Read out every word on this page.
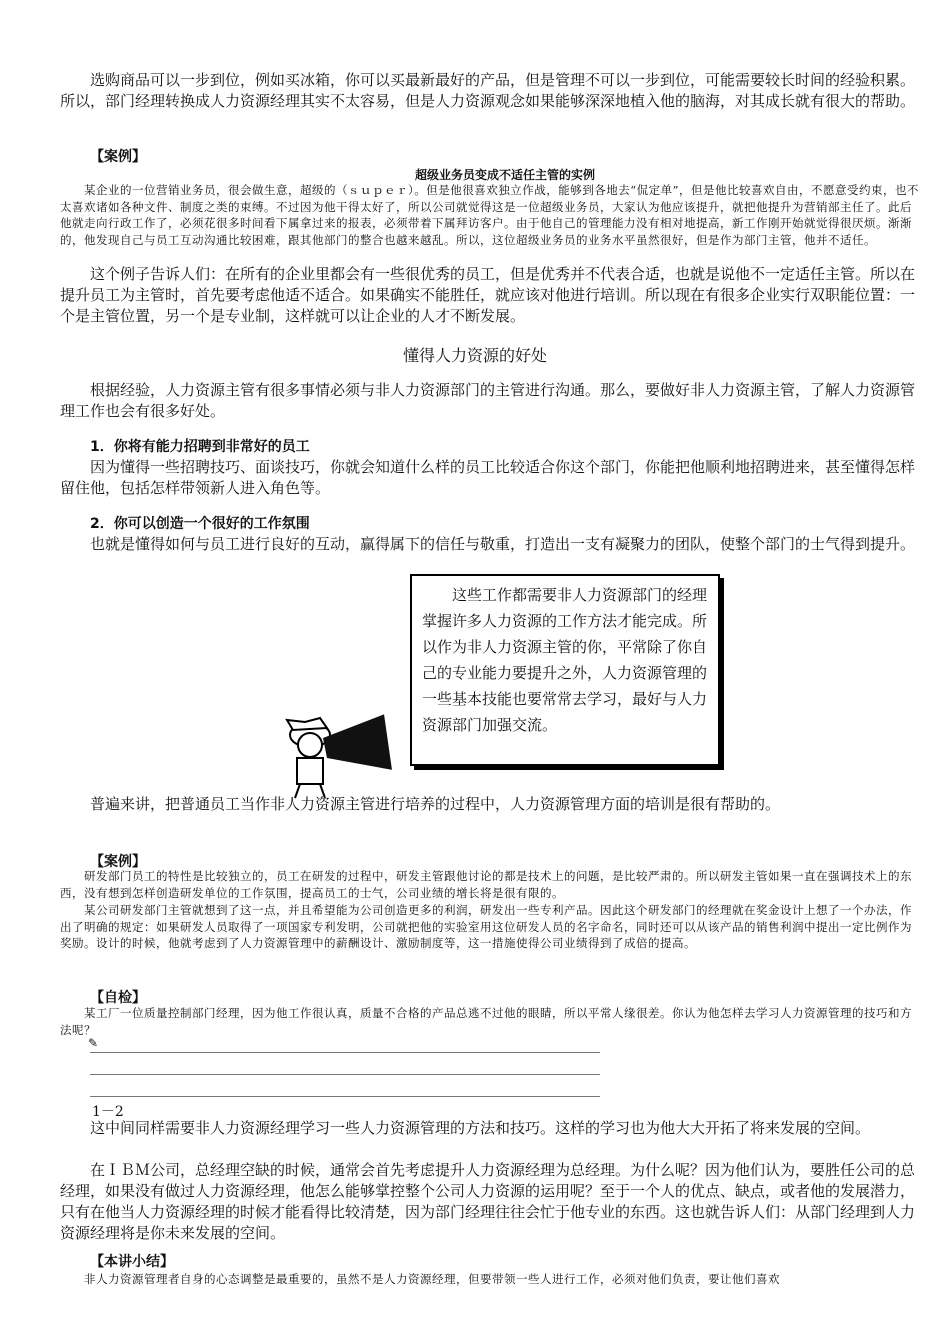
选购商品可以一步到位，例如买冰箱，你可以买最新最好的产品，但是管理不可以一步到位，可能需要较长时间的经验积累。所以，部门经理转换成人力资源经理其实不太容易，但是人力资源观念如果能够深深地植入他的脑海，对其成长就有很大的帮助。

【案例】
超级业务员变成不适任主管的实例

某企业的一位营销业务员，很会做生意，超级的（ｓｕｐｅｒ）。但是他很喜欢独立作战，能够到各地去“侃定单”，但是他比较喜欢自由，不愿意受约束，也不太喜欢诸如各种文件、制度之类的束缚。不过因为他干得太好了，所以公司就觉得这是一位超级业务员，大家认为他应该提升，就把他提升为营销部主任了。此后他就走向行政工作了，必须花很多时间看下属拿过来的报表，必须带着下属拜访客户。由于他自己的管理能力没有相对地提高，新工作刚开始就觉得很厌烦。渐渐的，他发现自己与员工互动沟通比较困难，跟其他部门的整合也越来越乱。所以，这位超级业务员的业务水平虽然很好，但是作为部门主管，他并不适任。

这个例子告诉人们：在所有的企业里都会有一些很优秀的员工，但是优秀并不代表合适，也就是说他不一定适任主管。所以在提升员工为主管时，首先要考虑他适不适合。如果确实不能胜任，就应该对他进行培训。所以现在有很多企业实行双职能位置：一个是主管位置，另一个是专业制，这样就可以让企业的人才不断发展。

懂得人力资源的好处

根据经验，人力资源主管有很多事情必须与非人力资源部门的主管进行沟通。那么，要做好非人力资源主管，了解人力资源管理工作也会有很多好处。

1．你将有能力招聘到非常好的员工

因为懂得一些招聘技巧、面谈技巧，你就会知道什么样的员工比较适合你这个部门，你能把他顺利地招聘进来，甚至懂得怎样留住他，包括怎样带领新人进入角色等。

2．你可以创造一个很好的工作氛围

也就是懂得如何与员工进行良好的互动，赢得属下的信任与敬重，打造出一支有凝聚力的团队，使整个部门的士气得到提升。

这些工作都需要非人力资源部门的经理掌握许多人力资源的工作方法才能完成。所以作为非人力资源主管的你，平常除了你自己的专业能力要提升之外，人力资源管理的一些基本技能也要常常去学习，最好与人力资源部门加强交流。

普遍来讲，把普通员工当作非人力资源主管进行培养的过程中，人力资源管理方面的培训是很有帮助的。

【案例】

研发部门员工的特性是比较独立的，员工在研发的过程中，研发主管跟他讨论的都是技术上的问题，是比较严肃的。所以研发主管如果一直在强调技术上的东西，没有想到怎样创造研发单位的工作氛围，提高员工的士气，公司业绩的增长将是很有限的。

某公司研发部门主管就想到了这一点，并且希望能为公司创造更多的利润，研发出一些专利产品。因此这个研发部门的经理就在奖金设计上想了一个办法，作出了明确的规定：如果研发人员取得了一项国家专利发明，公司就把他的实验室用这位研发人员的名字命名，同时还可以从该产品的销售利润中提出一定比例作为奖励。设计的时候，他就考虑到了人力资源管理中的薪酬设计、激励制度等，这一措施使得公司业绩得到了成倍的提高。

【自检】

某工厂一位质量控制部门经理，因为他工作很认真，质量不合格的产品总逃不过他的眼睛，所以平常人缘很差。你认为他怎样去学习人力资源管理的技巧和方法呢？

✎
1－2

这中间同样需要非人力资源经理学习一些人力资源管理的方法和技巧。这样的学习也为他大大开拓了将来发展的空间。

在ＩＢＭ公司，总经理空缺的时候，通常会首先考虑提升人力资源经理为总经理。为什么呢？因为他们认为，要胜任公司的总经理，如果没有做过人力资源经理，他怎么能够掌控整个公司人力资源的运用呢？至于一个人的优点、缺点，或者他的发展潜力，只有在他当人力资源经理的时候才能看得比较清楚，因为部门经理往往会忙于他专业的东西。这也就告诉人们：从部门经理到人力资源经理将是你未来发展的空间。

【本讲小结】

非人力资源管理者自身的心态调整是最重要的，虽然不是人力资源经理，但要带领一些人进行工作，必须对他们负责，要让他们喜欢
